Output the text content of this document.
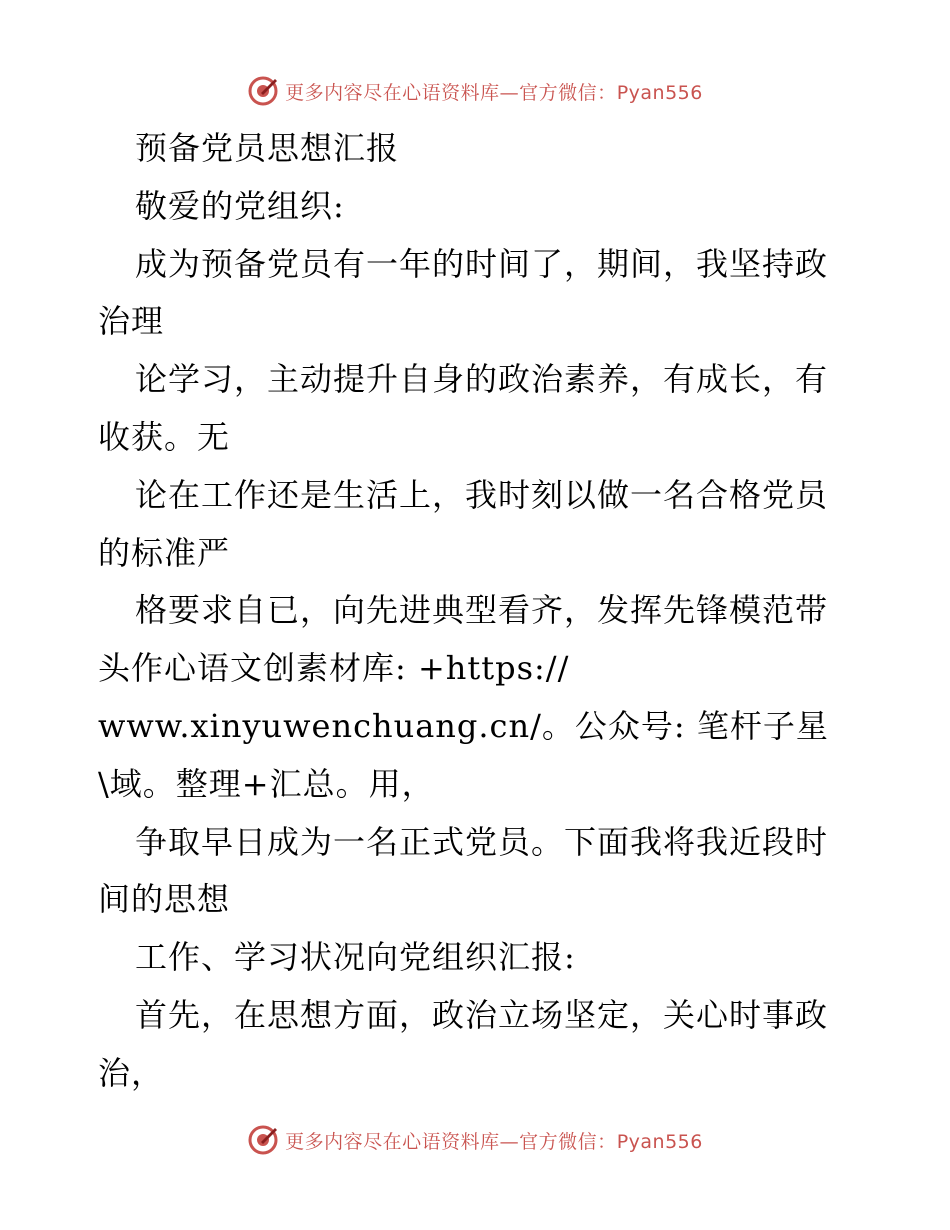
更多内容尽在心语资料库—官方微信：Pyan556
预备党员思想汇报
敬爱的党组织:
成为预备党员有一年的时间了，期间，我坚持政
治理
论学习，主动提升自身的政治素养，有成长，有
收获。无
论在工作还是生活上，我时刻以做一名合格党员
的标准严
格要求自已，向先进典型看齐，发挥先锋模范带
头作心语文创素材库: +https://
www.xinyuwenchuang.cn/。公众号: 笔杆子星
\域。整理+汇总。用，
争取早日成为一名正式党员。下面我将我近段时
间的思想
工作、学习状况向党组织汇报:
首先，在思想方面，政治立场坚定，关心时事政
治，
更多内容尽在心语资料库—官方微信：Pyan556
